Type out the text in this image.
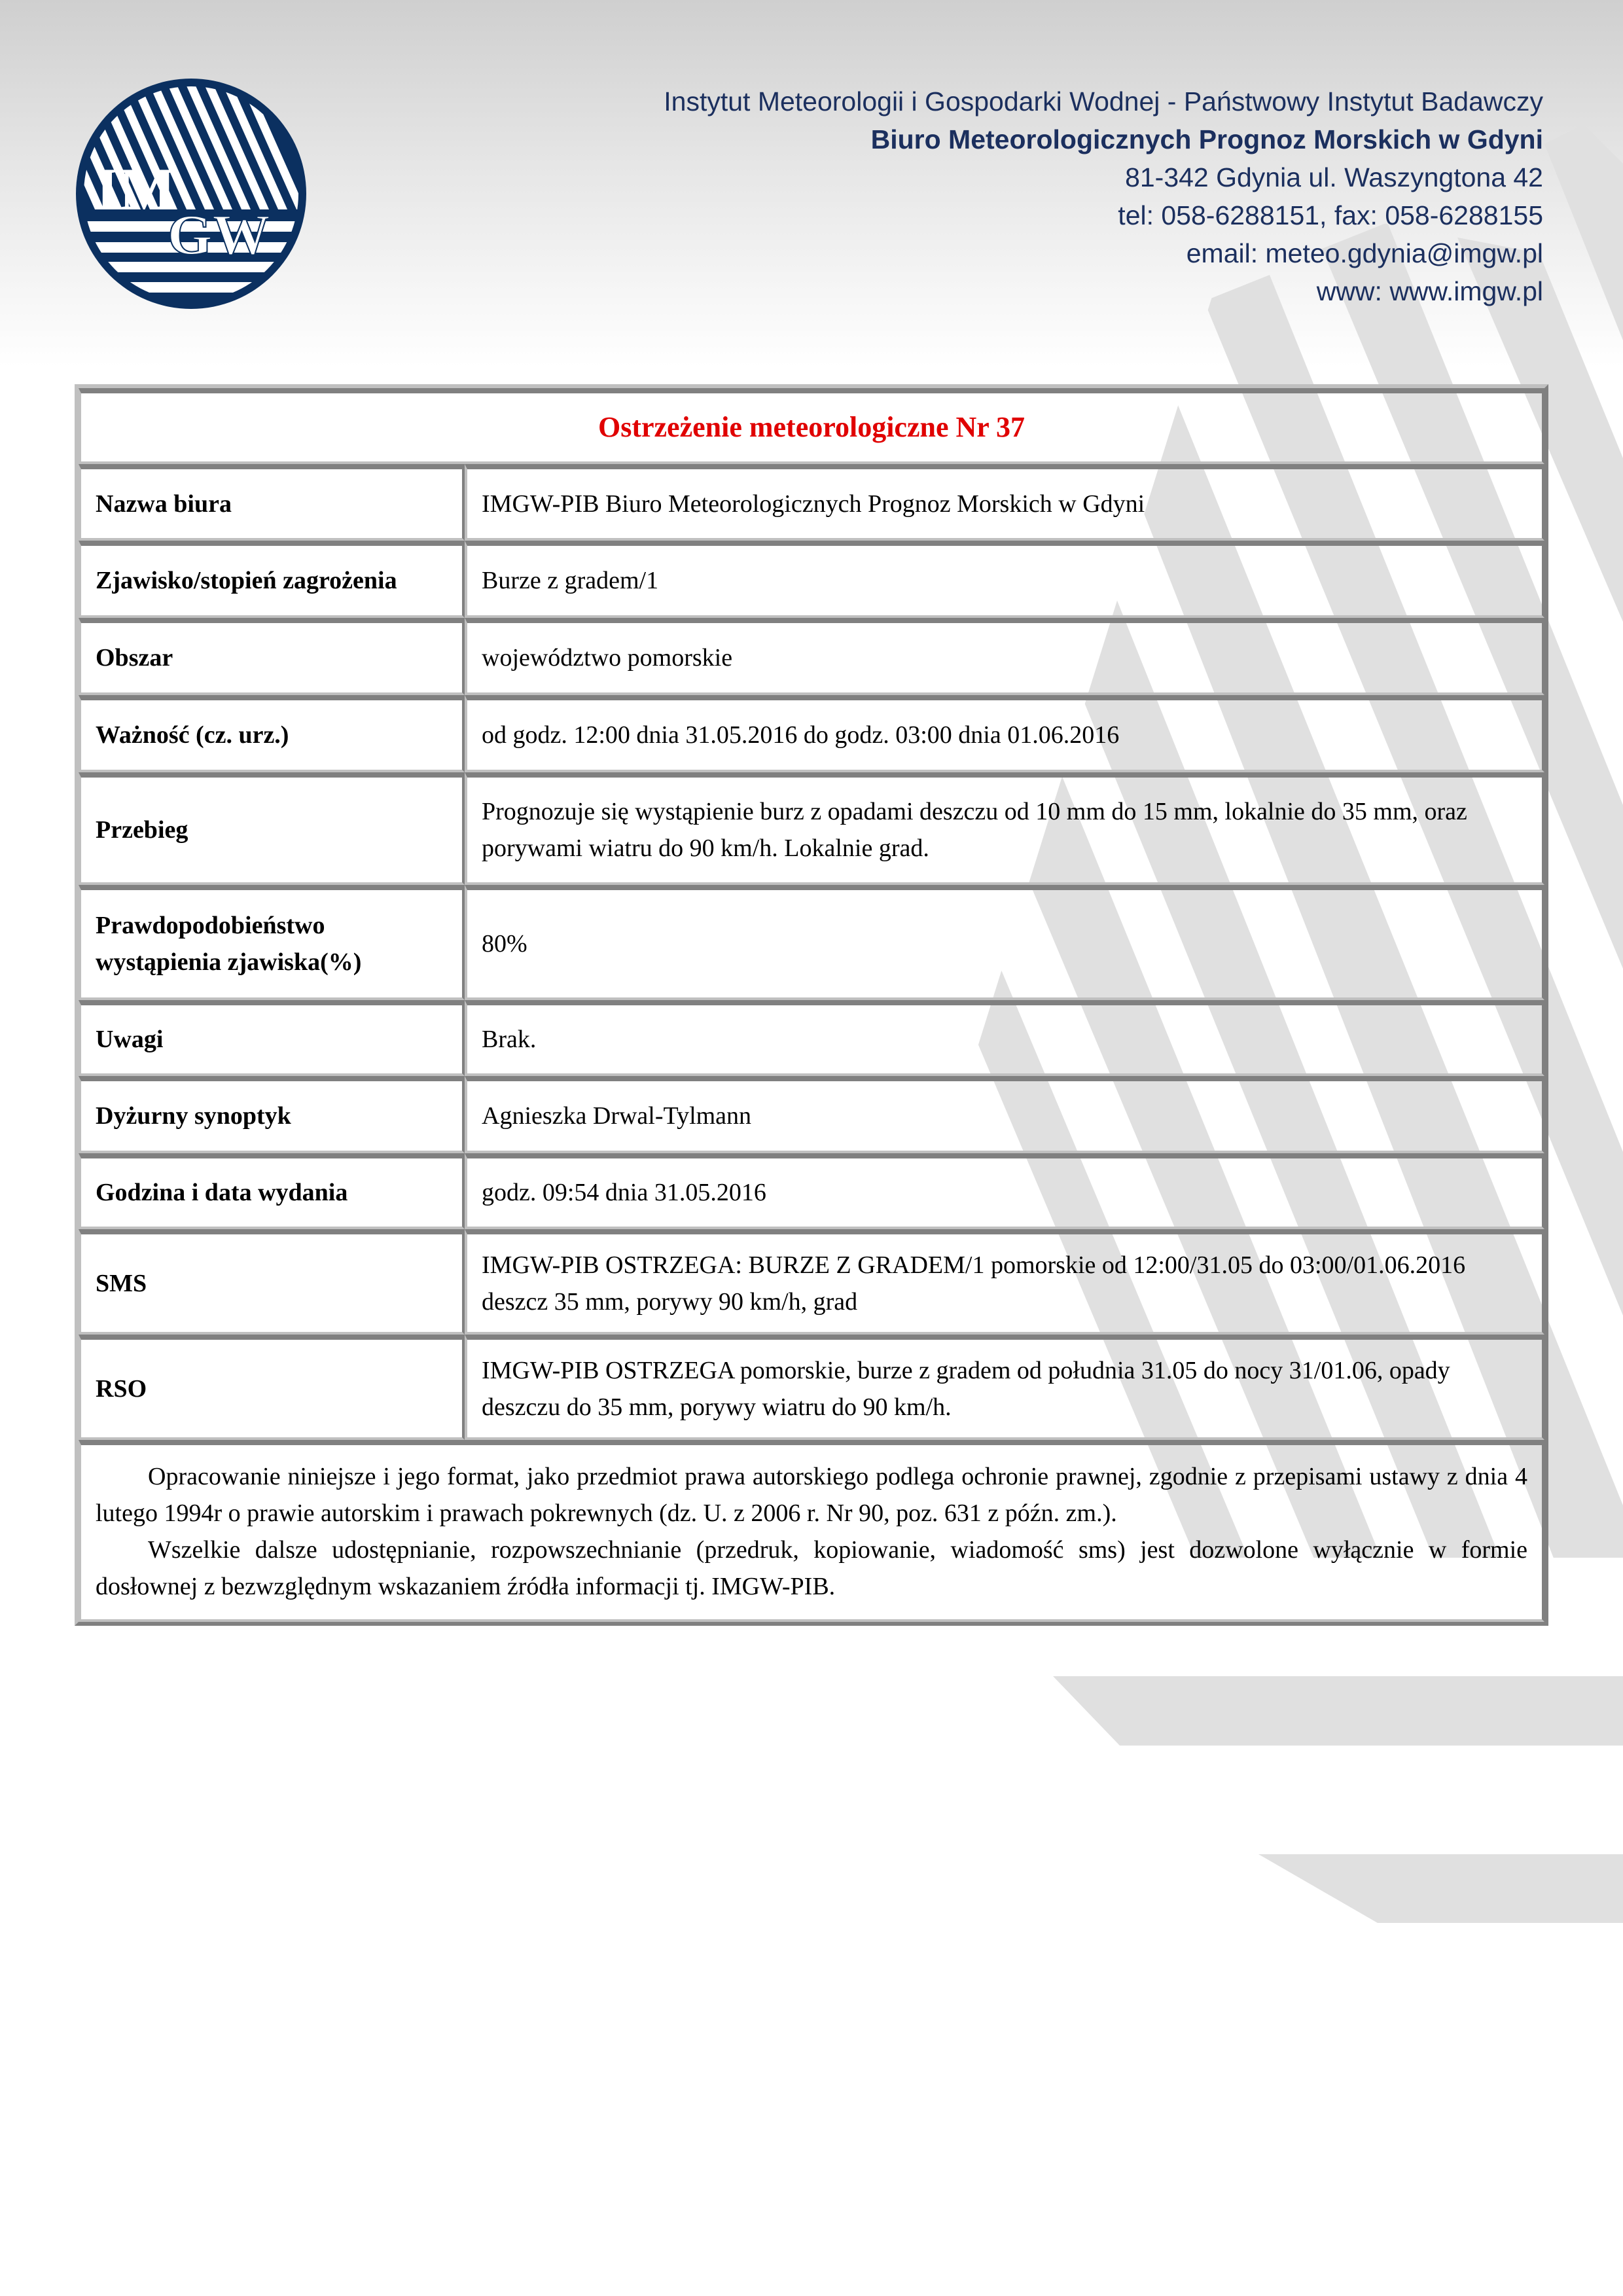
IM
GW
Instytut Meteorologii i Gospodarki Wodnej - Państwowy Instytut Badawczy
Biuro Meteorologicznych Prognoz Morskich w Gdyni
81-342 Gdynia ul. Waszyngtona 42
tel: 058-6288151, fax: 058-6288155
email: meteo.gdynia@imgw.pl
www: www.imgw.pl
Ostrzeżenie meteorologiczne Nr 37	
Nazwa biura	IMGW-PIB Biuro Meteorologicznych Prognoz Morskich w Gdyni
Zjawisko/stopień zagrożenia	Burze z gradem/1
Obszar	województwo pomorskie
Ważność (cz. urz.)	od godz. 12:00 dnia 31.05.2016 do godz. 03:00 dnia 01.06.2016
Przebieg	Prognozuje się wystąpienie burz z opadami deszczu od 10 mm do 15 mm, lokalnie do 35 mm, oraz porywami wiatru do 90 km/h. Lokalnie grad.
Prawdopodobieństwo wystąpienia zjawiska(%)	80%
Uwagi	Brak.
Dyżurny synoptyk	Agnieszka Drwal-Tylmann
Godzina i data wydania	godz. 09:54 dnia 31.05.2016
SMS	IMGW-PIB OSTRZEGA: BURZE Z GRADEM/1 pomorskie od 12:00/31.05 do 03:00/01.06.2016 deszcz 35 mm, porywy 90 km/h, grad
RSO	IMGW-PIB OSTRZEGA pomorskie, burze z gradem od południa 31.05 do nocy 31/01.06, opady deszczu do 35 mm, porywy wiatru do 90 km/h.

Opracowanie niniejsze i jego format, jako przedmiot prawa autorskiego podlega ochronie prawnej, zgodnie z przepisami ustawy z dnia 4 lutego 1994r o prawie autorskim i prawach pokrewnych (dz. U. z 2006 r. Nr 90, poz. 631 z późn. zm.).

Wszelkie dalsze udostępnianie, rozpowszechnianie (przedruk, kopiowanie, wiadomość sms) jest dozwolone wyłącznie w formie dosłownej z bezwzględnym wskazaniem źródła informacji tj. IMGW-PIB.	
